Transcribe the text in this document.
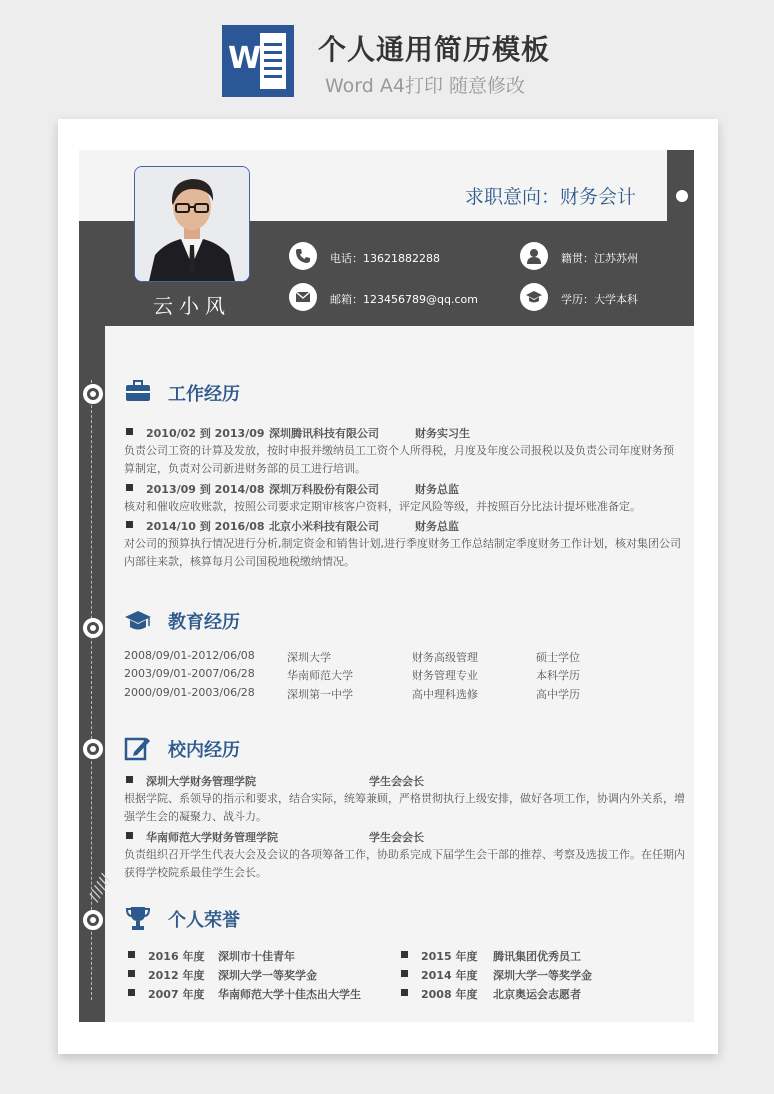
W 个人通用简历模板
Word A4打印 随意修改
//////
云小风
求职意向：财务会计
电话：13621882288
邮箱：123456789@qq.com
籍贯：江苏苏州
学历：大学本科
工作经历
2010/02 到 2013/09 深圳腾讯科技有限公司	财务实习生
负责公司工资的计算及发放，按时申报并缴纳员工工资个人所得税，月度及年度公司报税以及负责公司年度财务预
算制定，负责对公司新进财务部的员工进行培训。
2013/09 到 2014/08 深圳万科股份有限公司	财务总监
核对和催收应收账款，按照公司要求定期审核客户资料，评定风险等级，并按照百分比法计提坏账准备定。
2014/10 到 2016/08 北京小米科技有限公司	财务总监
对公司的预算执行情况进行分析,制定资金和销售计划,进行季度财务工作总结制定季度财务工作计划，核对集团公司
内部往来款，核算每月公司国税地税缴纳情况。
教育经历
2008/09/01-2012/06/08	深圳大学	财务高级管理	硕士学位
2003/09/01-2007/06/28	华南师范大学	财务管理专业	本科学历
2000/09/01-2003/06/28	深圳第一中学	高中理科选修	高中学历
校内经历
深圳大学财务管理学院	学生会会长
根据学院、系领导的指示和要求，结合实际，统筹兼顾，严格贯彻执行上级安排，做好各项工作，协调内外关系，增
强学生会的凝聚力、战斗力。
华南师范大学财务管理学院	学生会会长
负责组织召开学生代表大会及会议的各项筹备工作，协助系完成下届学生会干部的推荐、考察及选拔工作。在任期内
获得学校院系最佳学生会长。
个人荣誉
2016 年度 深圳市十佳青年	2015 年度 腾讯集团优秀员工
2012 年度 深圳大学一等奖学金	2014 年度 深圳大学一等奖学金
2007 年度 华南师范大学十佳杰出大学生	2008 年度 北京奥运会志愿者
